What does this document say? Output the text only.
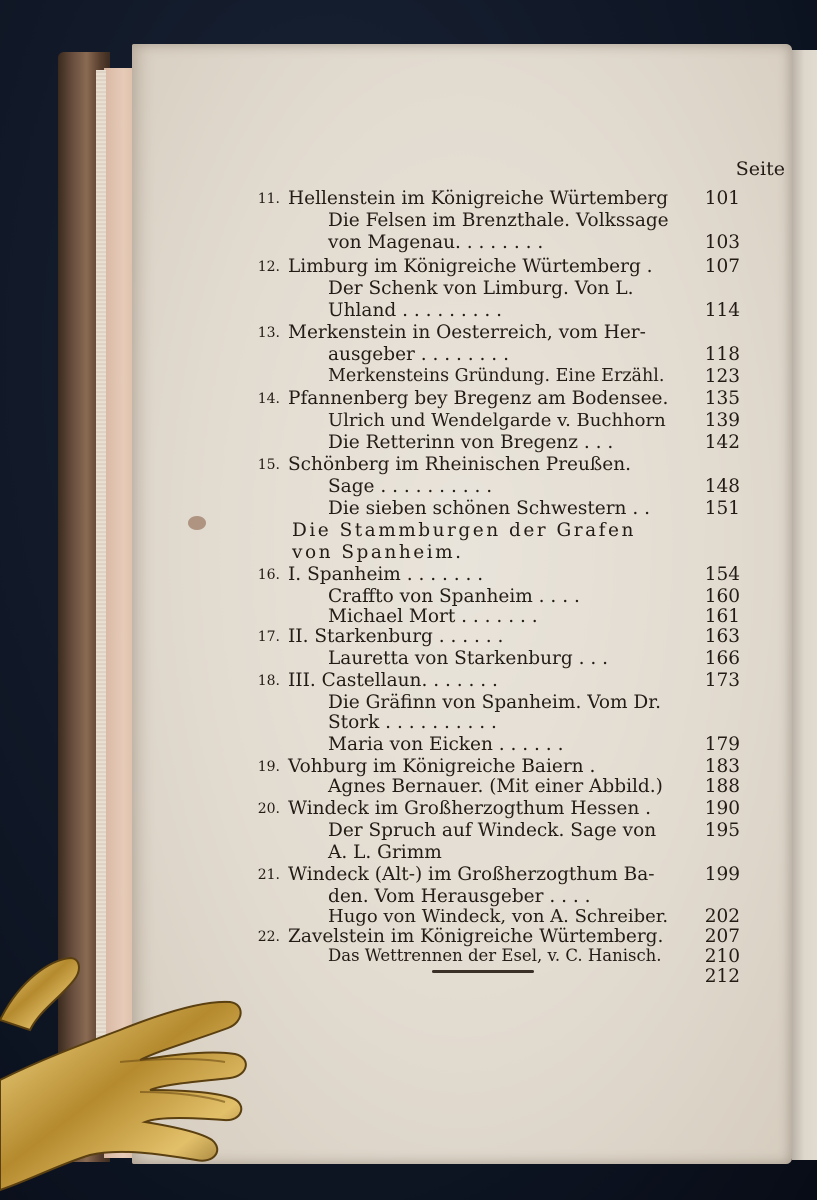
Seite
11. Hellenstein im Königreiche Würtemberg	101
Die Felsen im Brenzthale. Volkssage
von Magenau. . . . . . . .	103
12. Limburg im Königreiche Würtemberg .	107
Der Schenk von Limburg. Von L.
Uhland . . . . . . . . .	114
13. Merkenstein in Oesterreich, vom Her-
ausgeber . . . . . . . .	118
Merkensteins Gründung. Eine Erzähl.	123
14. Pfannenberg bey Bregenz am Bodensee.	135
Ulrich und Wendelgarde v. Buchhorn	139
Die Retterinn von Bregenz . . .	142
15. Schönberg im Rheinischen Preußen.
Sage . . . . . . . . . .	148
Die sieben schönen Schwestern . .	151
Die Stammburgen der Grafen
von Spanheim.
16. I. Spanheim . . . . . . .	154
Craffto von Spanheim . . . .	160
Michael Mort . . . . . . .	161
17. II. Starkenburg . . . . . .	163
Lauretta von Starkenburg . . .	166
18. III. Castellaun. . . . . . .	173
Die Gräfinn von Spanheim. Vom Dr.
Stork . . . . . . . . . .
Maria von Eicken . . . . . .	179
19. Vohburg im Königreiche Baiern .	183
Agnes Bernauer. (Mit einer Abbild.)	188
20. Windeck im Großherzogthum Hessen .	190
Der Spruch auf Windeck. Sage von	195
A. L. Grimm
21. Windeck (Alt-) im Großherzogthum Ba-	199
den. Vom Herausgeber . . . .
Hugo von Windeck, von A. Schreiber.	202
22. Zavelstein im Königreiche Würtemberg.	207
Das Wettrennen der Esel, v. C. Hanisch.	210
212
